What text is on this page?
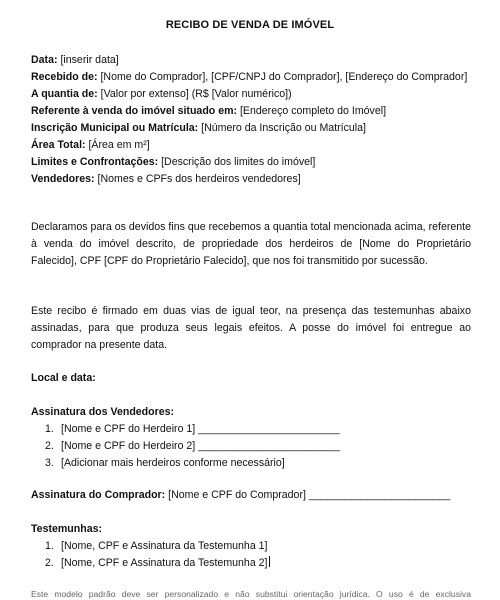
RECIBO DE VENDA DE IMÓVEL

Data: [inserir data]

Recebido de: [Nome do Comprador], [CPF/CNPJ do Comprador], [Endereço do Comprador]

A quantia de: [Valor por extenso] (R$ [Valor numérico])

Referente à venda do imóvel situado em: [Endereço completo do Imóvel]

Inscrição Municipal ou Matrícula: [Número da Inscrição ou Matrícula]

Área Total: [Área em m²]

Limites e Confrontações: [Descrição dos limites do imóvel]

Vendedores: [Nomes e CPFs dos herdeiros vendedores]

Declaramos para os devidos fins que recebemos a quantia total mencionada acima, referente à venda do imóvel descrito, de propriedade dos herdeiros de [Nome do Proprietário Falecido], CPF [CPF do Proprietário Falecido], que nos foi transmitido por sucessão.

Este recibo é firmado em duas vias de igual teor, na presença das testemunhas abaixo assinadas, para que produza seus legais efeitos. A posse do imóvel foi entregue ao comprador na presente data.

Local e data:

Assinatura dos Vendedores:

1. [Nome e CPF do Herdeiro 1] ________________________
2. [Nome e CPF do Herdeiro 2] ________________________
3. [Adicionar mais herdeiros conforme necessário]

Assinatura do Comprador: [Nome e CPF do Comprador] ________________________

Testemunhas:

1. [Nome, CPF e Assinatura da Testemunha 1]
2. [Nome, CPF e Assinatura da Testemunha 2]
Este modelo padrão deve ser personalizado e não substitui orientação jurídica. O uso é de exclusiva
